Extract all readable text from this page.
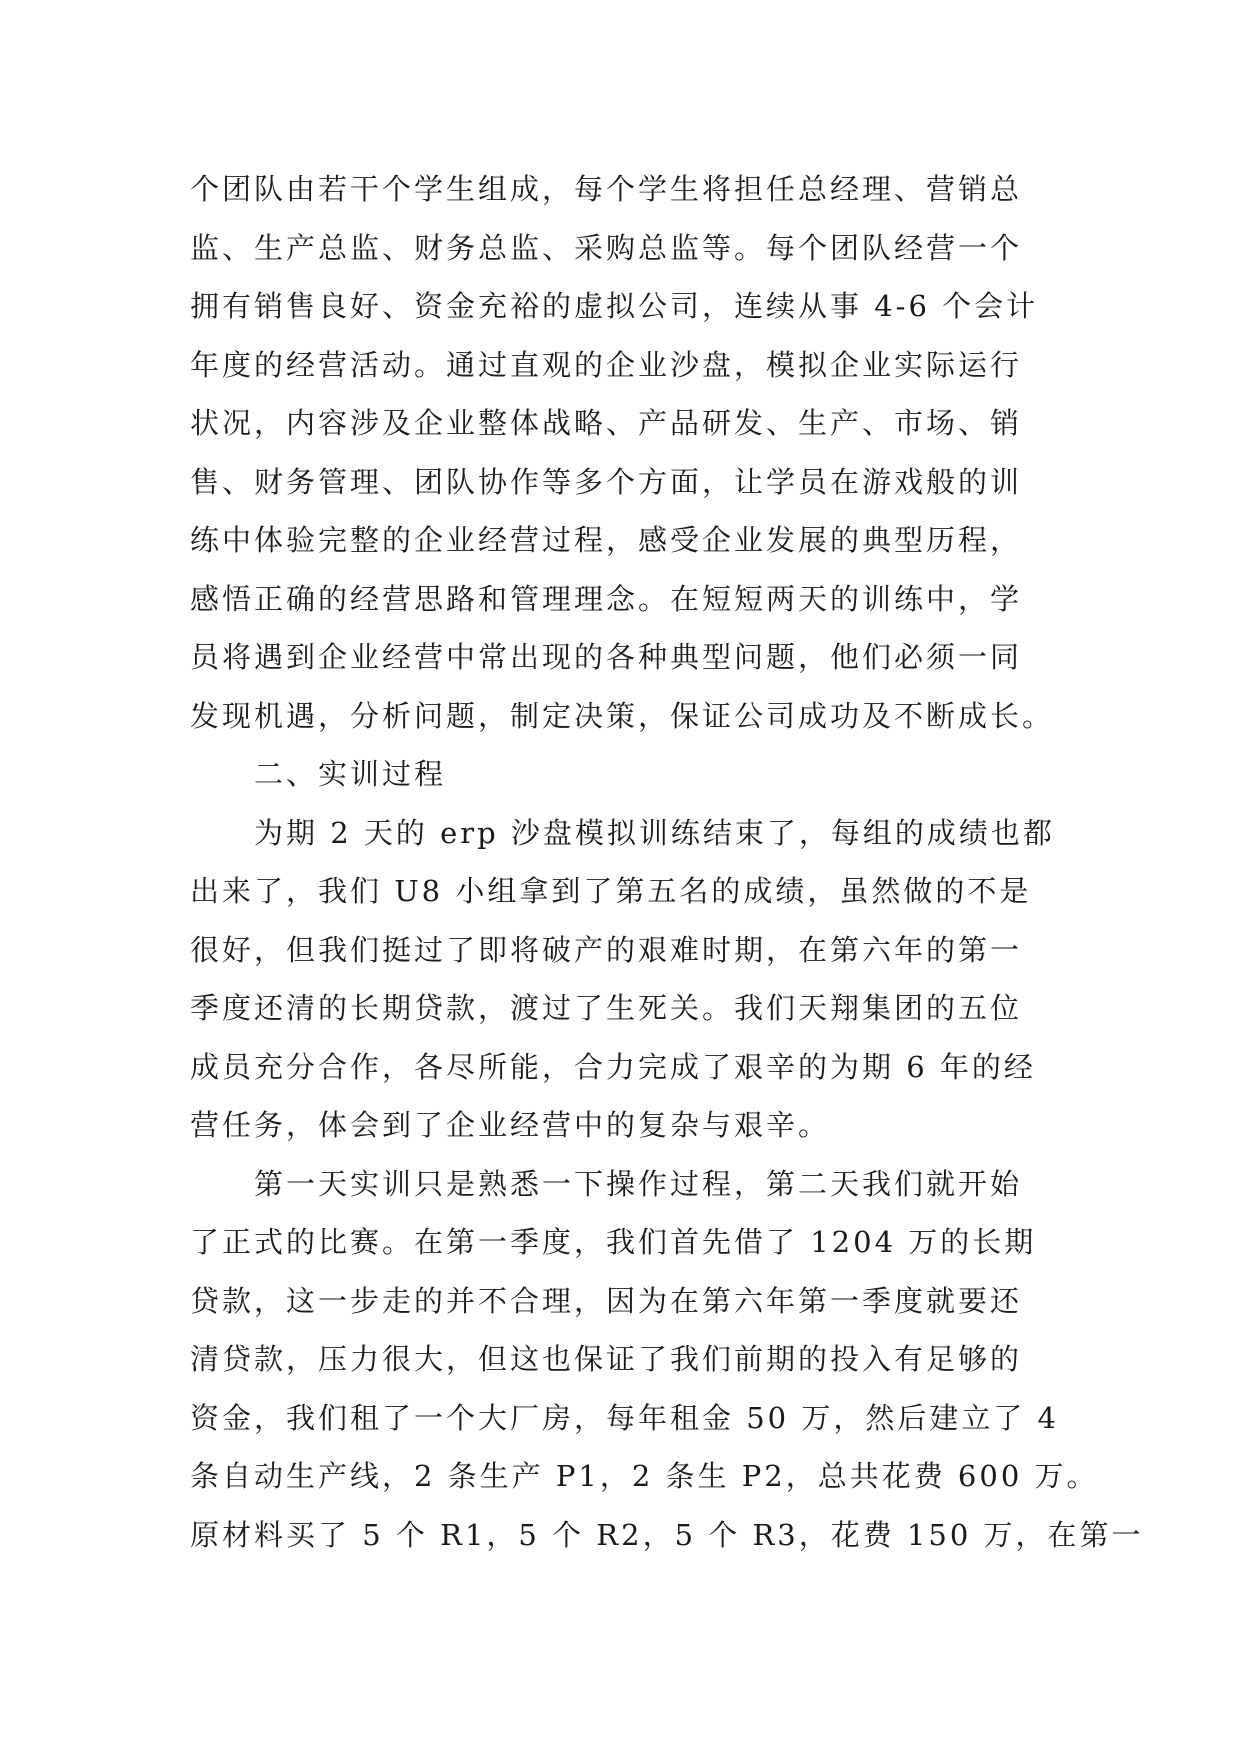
个团队由若干个学生组成，每个学生将担任总经理、营销总
监、生产总监、财务总监、采购总监等。每个团队经营一个
拥有销售良好、资金充裕的虚拟公司，连续从事 4-6 个会计
年度的经营活动。通过直观的企业沙盘，模拟企业实际运行
状况，内容涉及企业整体战略、产品研发、生产、市场、销
售、财务管理、团队协作等多个方面，让学员在游戏般的训
练中体验完整的企业经营过程，感受企业发展的典型历程，
感悟正确的经营思路和管理理念。在短短两天的训练中，学
员将遇到企业经营中常出现的各种典型问题，他们必须一同
发现机遇，分析问题，制定决策，保证公司成功及不断成长。
二、实训过程
为期 2 天的 erp 沙盘模拟训练结束了，每组的成绩也都
出来了，我们 U8 小组拿到了第五名的成绩，虽然做的不是
很好，但我们挺过了即将破产的艰难时期，在第六年的第一
季度还清的长期贷款，渡过了生死关。我们天翔集团的五位
成员充分合作，各尽所能，合力完成了艰辛的为期 6 年的经
营任务，体会到了企业经营中的复杂与艰辛。
第一天实训只是熟悉一下操作过程，第二天我们就开始
了正式的比赛。在第一季度，我们首先借了 1204 万的长期
贷款，这一步走的并不合理，因为在第六年第一季度就要还
清贷款，压力很大，但这也保证了我们前期的投入有足够的
资金，我们租了一个大厂房，每年租金 50 万，然后建立了 4
条自动生产线，2 条生产 P1，2 条生 P2，总共花费 600 万。
原材料买了 5 个 R1，5 个 R2，5 个 R3，花费 150 万，在第一
